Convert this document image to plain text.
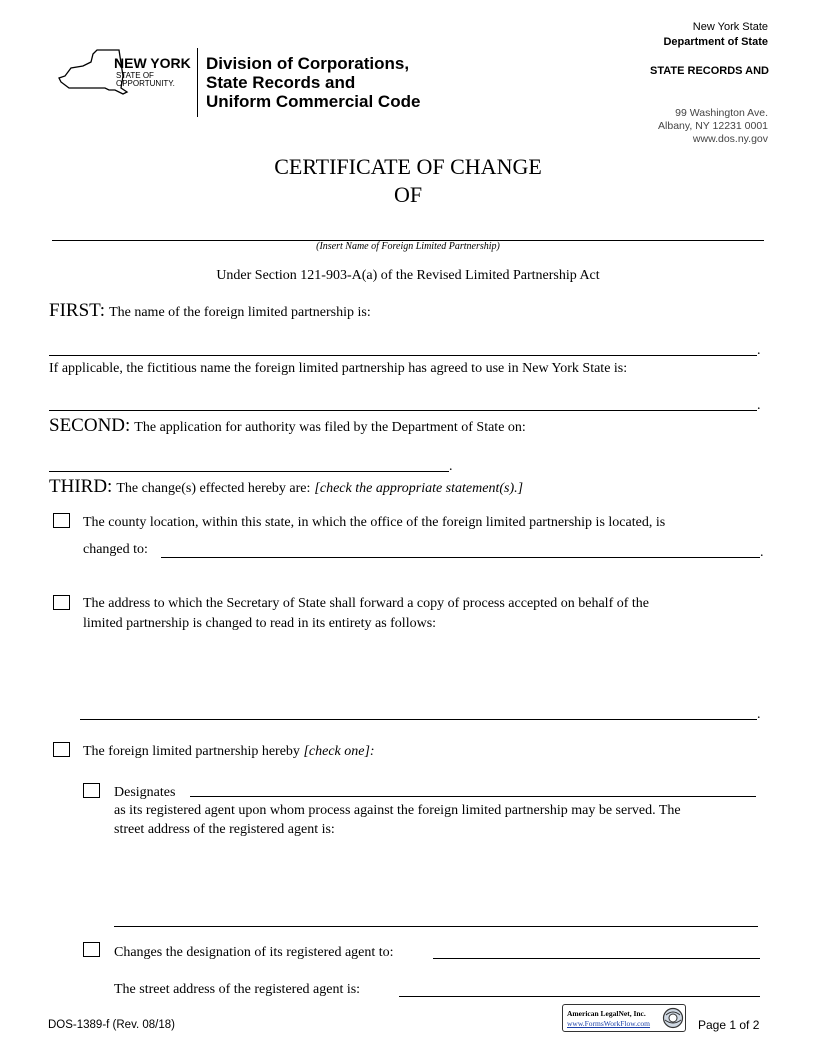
NEW YORK
STATE OF
OPPORTUNITY.
Division of Corporations,
State Records and
Uniform Commercial Code
New York State
Department of State
STATE RECORDS AND
99 Washington Ave.
Albany, NY 12231 0001
www.dos.ny.gov
CERTIFICATE OF CHANGE
OF
(Insert Name of Foreign Limited Partnership)
Under Section 121-903-A(a) of the Revised Limited Partnership Act
FIRST: The name of the foreign limited partnership is:
.
If applicable, the fictitious name the foreign limited partnership has agreed to use in New York State is:
.
SECOND: The application for authority was filed by the Department of State on:
.
THIRD: The change(s) effected hereby are: [check the appropriate statement(s).]
The county location, within this state, in which the office of the foreign limited partnership is located, is
changed to:	.
The address to which the Secretary of State shall forward a copy of process accepted on behalf of the
limited partnership is changed to read in its entirety as follows:
.
The foreign limited partnership hereby [check one]:
Designates
as its registered agent upon whom process against the foreign limited partnership may be served. The
street address of the registered agent is:
Changes the designation of its registered agent to:
The street address of the registered agent is:
DOS-1389-f (Rev. 08/18)
American LegalNet, Inc.
www.FormsWorkFlow.com	Page 1 of 2
